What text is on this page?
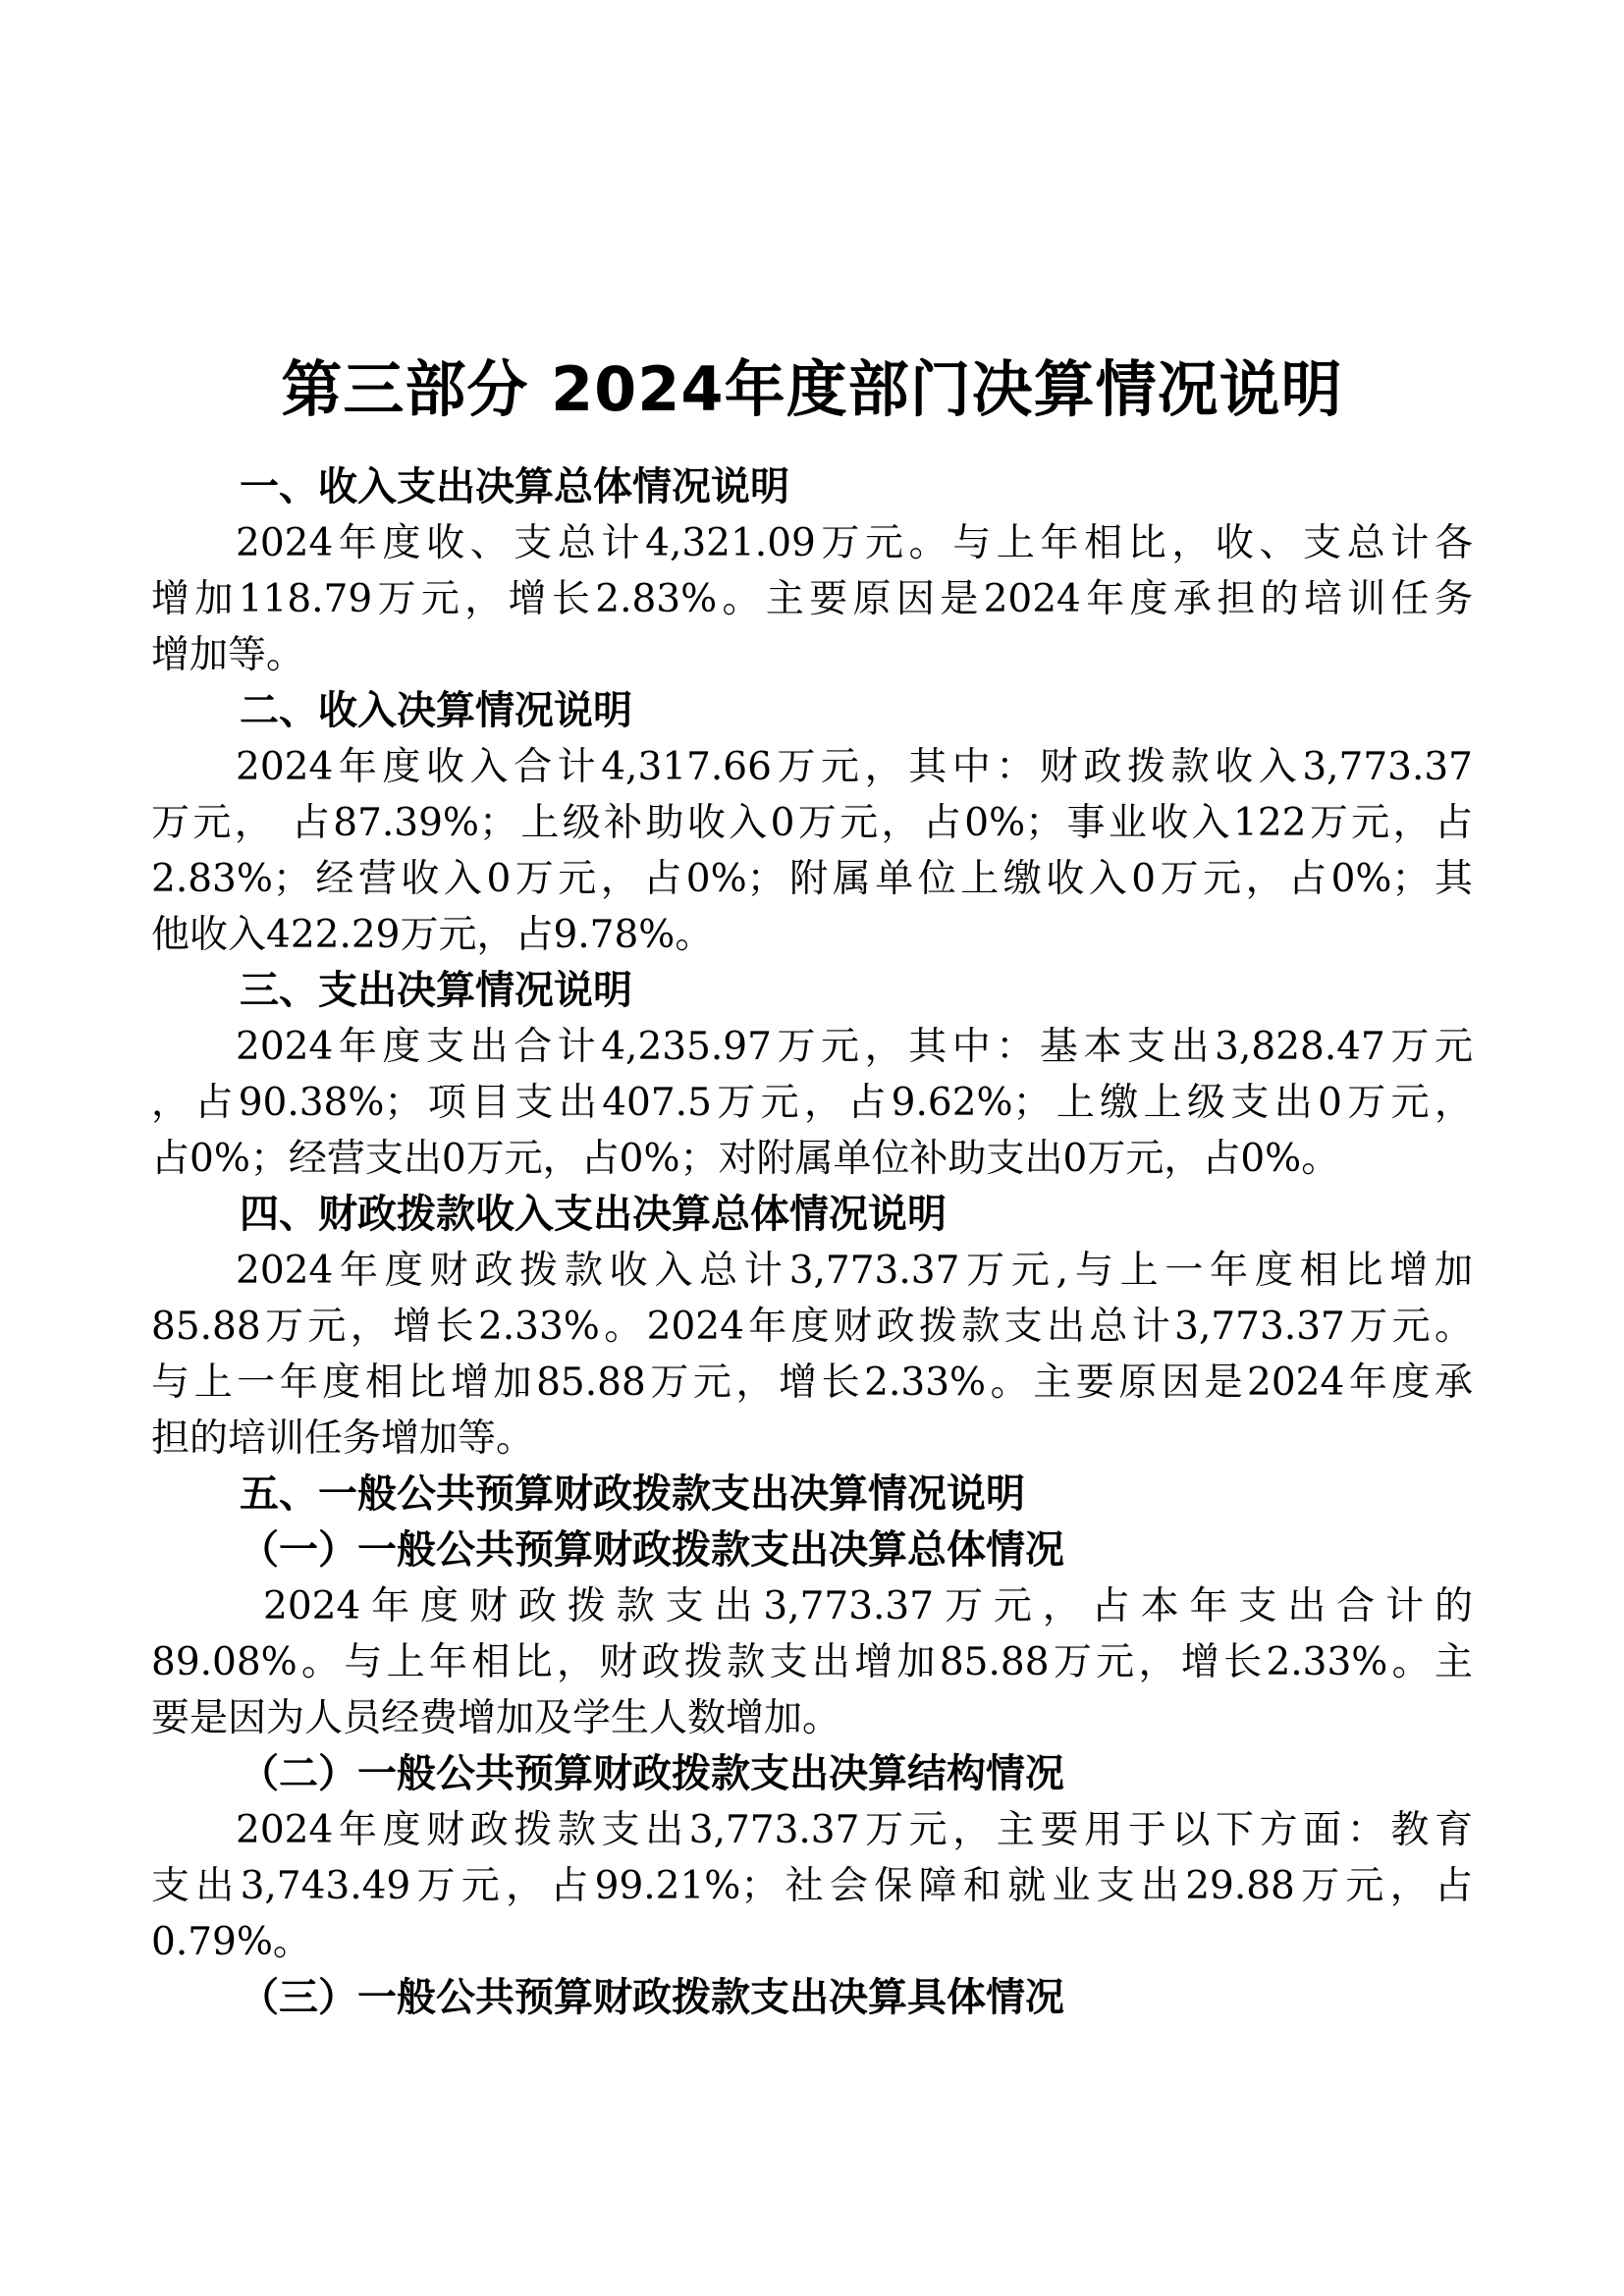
第三部分 2024年度部门决算情况说明
一、收入支出决算总体情况说明
2024年度收、支总计4,321.09万元。与上年相比，收、支总计各
增加118.79万元，增长2.83%。主要原因是2024年度承担的培训任务
增加等。
二、收入决算情况说明
2024年度收入合计4,317.66万元，其中：财政拨款收入3,773.37
万元， 占87.39%；上级补助收入0万元，占0%；事业收入122万元，占
2.83%；经营收入0万元，占0%；附属单位上缴收入0万元，占0%；其
他收入422.29万元，占9.78%。
三、支出决算情况说明
2024年度支出合计4,235.97万元，其中：基本支出3,828.47万元
，占90.38%；项目支出407.5万元，占9.62%；上缴上级支出0万元，
占0%；经营支出0万元，占0%；对附属单位补助支出0万元，占0%。
四、财政拨款收入支出决算总体情况说明
2024年度财政拨款收入总计3,773.37万元,与上一年度相比增加
85.88万元，增长2.33%。2024年度财政拨款支出总计3,773.37万元。
与上一年度相比增加85.88万元，增长2.33%。主要原因是2024年度承
担的培训任务增加等。
五、一般公共预算财政拨款支出决算情况说明
（一）一般公共预算财政拨款支出决算总体情况
2024年度财政拨款支出3,773.37万元，占本年支出合计的
89.08%。与上年相比，财政拨款支出增加85.88万元，增长2.33%。主
要是因为人员经费增加及学生人数增加。
（二）一般公共预算财政拨款支出决算结构情况
2024年度财政拨款支出3,773.37万元，主要用于以下方面：教育
支出3,743.49万元，占99.21%；社会保障和就业支出29.88万元，占
0.79%。
（三）一般公共预算财政拨款支出决算具体情况
